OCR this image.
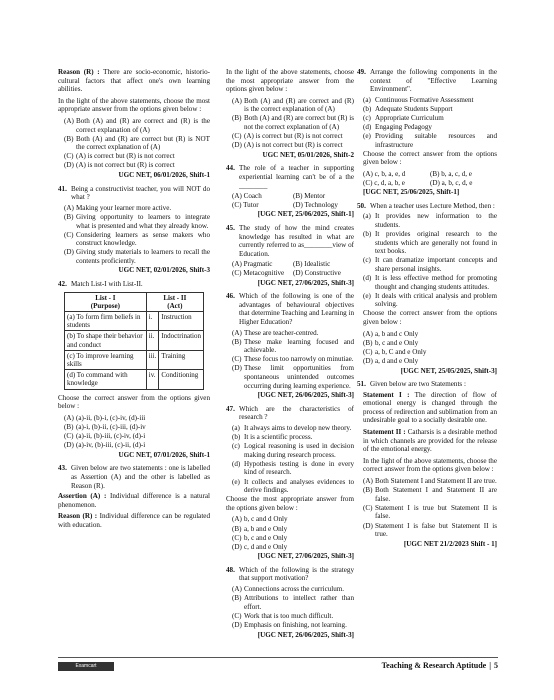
Reason (R) : There are socio-economic, historio-cultural factors that affect one's own learning abilities.

In the light of the above statements, choose the most appropriate answer from the options given below :

(A) Both (A) and (R) are correct and (R) is the correct explanation of (A)
(B) Both (A) and (R) are correct but (R) is NOT the correct explanation of (A)
(C) (A) is correct but (R) is not correct
(D) (A) is not correct but (R) is correct
UGC NET, 06/01/2026, Shift-1
41. Being a constructivist teacher, you will NOT do what ?
(A) Making your learner more active.
(B) Giving opportunity to learners to integrate what is presented and what they already know.
(C) Considering learners as sense makers who construct knowledge.
(D) Giving study materials to learners to recall the contents proficiently.
UGC NET, 02/01/2026, Shift-3
42. Match List-I with List-II.
List - I
(Purpose)	List - II
(Act)	
(a) To form firm beliefs in students	i.	Instruction
(b) To shape their behavior and conduct	ii.	Indoctrination
(c) To improve learning skills	iii.	Training
(d) To command with knowledge	iv.	Conditioning

Choose the correct answer from the options given below :

(A) (a)-ii, (b)-i, (c)-iv, (d)-iii
(B) (a)-i, (b)-ii, (c)-iii, (d)-iv
(C) (a)-ii, (b)-iii, (c)-iv, (d)-i
(D) (a)-iv, (b)-iii, (c)-ii, (d)-i
UGC NET, 07/01/2026, Shift-1
43. Given below are two statements : one is labelled as Assertion (A) and the other is labelled as Reason (R).

Assertion (A) : Individual difference is a natural phenomenon.

Reason (R) : Individual difference can be regulated with education.

In the light of the above statements, choose the most appropriate answer from the options given below :

(A) Both (A) and (R) are correct and (R) is the correct explanation of (A)
(B) Both (A) and (R) are correct but (R) is not the correct explanation of (A)
(C) (A) is correct but (R) is not correct
(D) (A) is not correct but (R) is correct
UGC NET, 05/01/2026, Shift-2
44. The role of a teacher in supporting experiential learning can't be of a the ________
(A) Coach	(B) Mentor
(C) Tutor	(D) Technology
[UGC NET, 25/06/2025, Shift-1]
45. The study of how the mind creates knowledge has resulted in what are currently referred to as________view of Education.
(A) Pragmatic	(B) Idealistic
(C) Metacognitive	(D) Constructive
[UGC NET, 27/06/2025, Shift-3]
46. Which of the following is one of the advantages of behavioural objectives that determine Teaching and Learning in Higher Education?
(A) These are teacher-centred.
(B) These make learning focused and achievable.
(C) These focus too narrowly on minutiae.
(D) These limit opportunities from spontaneous unintended outcomes occurring during learning experience.
[UGC NET, 26/06/2025, Shift-3]
47. Which are the characteristics of research ?
(a) It always aims to develop new theory.
(b) It is a scientific process.
(c) Logical reasoning is used in decision making during research process.
(d) Hypothesis testing is done in every kind of research.
(e) It collects and analyses evidences to derive findings.

Choose the most appropriate answer from the options given below :

(A) b, c and d Only
(B) a, b and e Only
(C) b, c and e Only
(D) c, d and e Only
[UGC NET, 27/06/2025, Shift-3]
48. Which of the following is the strategy that support motivation?
(A) Connections across the curriculum.
(B) Attributions to intellect rather than effort.
(C) Work that is too much difficult.
(D) Emphasis on finishing, not learning.
[UGC NET, 26/06/2025, Shift-3]
49. Arrange the following components in the context of "Effective Learning Environment".
(a) Continuous Formative Assessment
(b) Adequate Students Support
(c) Appropriate Curriculum
(d) Engaging Pedagogy
(e) Providing suitable resources and infrastructure

Choose the correct answer from the options given below :

(A) c, b, a, e, d	(B) b, a, c, d, e
(C) c, d, a, b, e	(D) a, b, c, d, e
[UGC NET, 25/06/2025, Shift-1]
50. When a teacher uses Lecture Method, then :
(a) It provides new information to the students.
(b) It provides original research to the students which are generally not found in text books.
(c) It can dramatize important concepts and share personal insights.
(d) It is less effective method for promoting thought and changing students attitudes.
(e) It deals with critical analysis and problem solving.

Choose the correct answer from the options given below :

(A) a, b and c Only
(B) b, c and e Only
(C) a, b, C and e Only
(D) a, d and e Only
[UGC NET, 25/05/2025, Shift-3]
51. Given below are two Statements :

Statement I : The direction of flow of emotional energy is changed through the process of redirection and sublimation from an undesirable goal to a socially desirable one.

Statement II : Catharsis is a desirable method in which channels are provided for the release of the emotional energy.

In the light of the above statements, choose the correct answer from the options given below :

(A) Both Statement I and Statement II are true.
(B) Both Statement I and Statement II are false.
(C) Statement I is true but Statement II is false.
(D) Statement I is false but Statement II is true.
[UGC NET 21/2/2023 Shift - 1]
Examcart	Teaching & Research Aptitude | 5
